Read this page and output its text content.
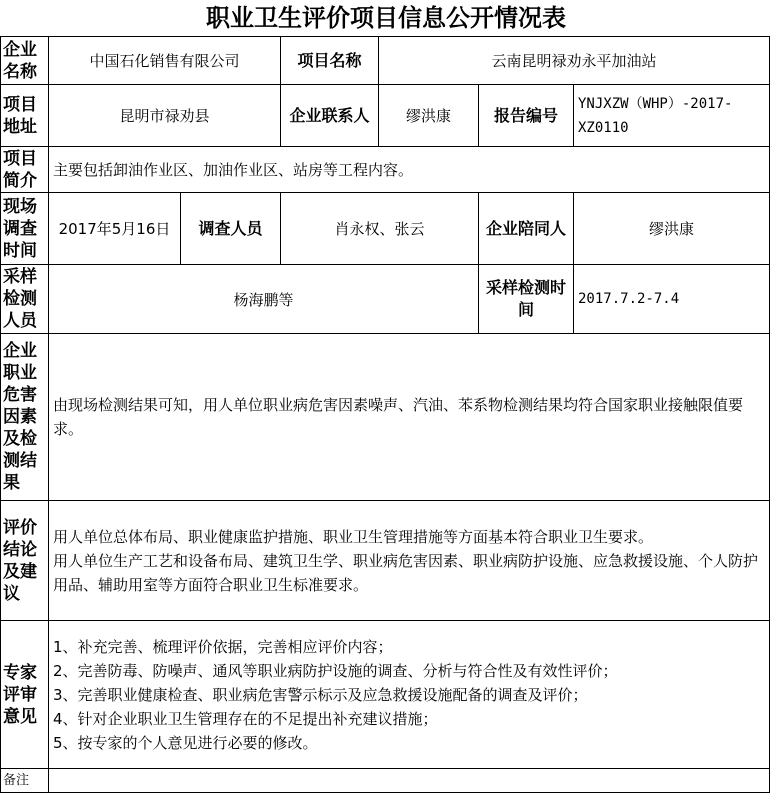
职业卫生评价项目信息公开情况表
企业名称	中国石化销售有限公司		项目名称	云南昆明禄劝永平加油站		
项目地址	昆明市禄劝县		企业联系人	缪洪康	报告编号	YNJXZW（WHP）-2017-XZ0110
项目简介	主要包括卸油作业区、加油作业区、站房等工程内容。					
现场调查时间	2017年5月16日	调查人员	肖永权、张云		企业陪同人	缪洪康
采样检测人员	杨海鹏等				采样检测时间	2017.7.2-7.4
企业职业危害因素及检测结果	由现场检测结果可知，用人单位职业病危害因素噪声、汽油、苯系物检测结果均符合国家职业接触限值要求。					
评价结论及建议	用人单位总体布局、职业健康监护措施、职业卫生管理措施等方面基本符合职业卫生要求。
用人单位生产工艺和设备布局、建筑卫生学、职业病危害因素、职业病防护设施、应急救援设施、个人防护用品、辅助用室等方面符合职业卫生标准要求。					

专家评审意见	1、补充完善、梳理评价依据，完善相应评价内容；
2、完善防毒、防噪声、通风等职业病防护设施的调查、分析与符合性及有效性评价；
3、完善职业健康检查、职业病危害警示标示及应急救援设施配备的调查及评价；
4、针对企业职业卫生管理存在的不足提出补充建议措施；
5、按专家的个人意见进行必要的修改。					

备注						
